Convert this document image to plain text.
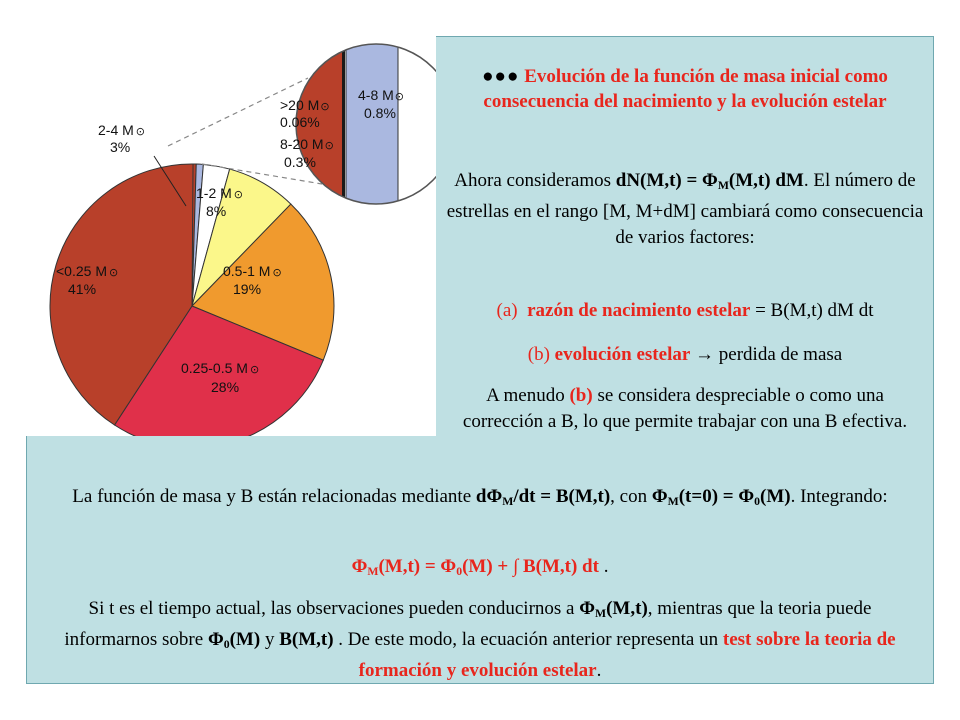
2-4 M ⊙
3%
1-2 M ⊙
8%
0.5-1 M ⊙
19%
0.25-0.5 M ⊙
28%
<0.25 M ⊙
41%
>20 M⊙
0.06%
8-20 M⊙
0.3%
4-8 M⊙
0.8%
●●● Evolución de la función de masa inicial como consecuencia del nacimiento y la evolución estelar
Ahora consideramos $dN(M,t) = \Phi_M(M,t)$ dM. El número de estrellas en el rango [M, M+dM] cambiará como consecuencia de varios factores:
(a) razón de nacimiento estelar = B(M,t) dM dt
(b) evolución estelar → perdida de masa
A menudo (b) se considera despreciable o como una corrección a B, lo que permite trabajar con una B efectiva.
La función de masa y B están relacionadas mediante $d\Phi_M/dt = B(M,t)$, con $\Phi_M(t=0) = \Phi_0(M)$. Integrando:
$\Phi_M(M,t) = \Phi_0(M)$ + ∫ B(M,t) dt .
Si t es el tiempo actual, las observaciones pueden conducirnos a $\Phi_M(M,t)$, mientras que la teoria puede informarnos sobre $\Phi_0(M)$ y B(M,t) . De este modo, la ecuación anterior representa un test sobre la teoria de formación y evolución estelar.
